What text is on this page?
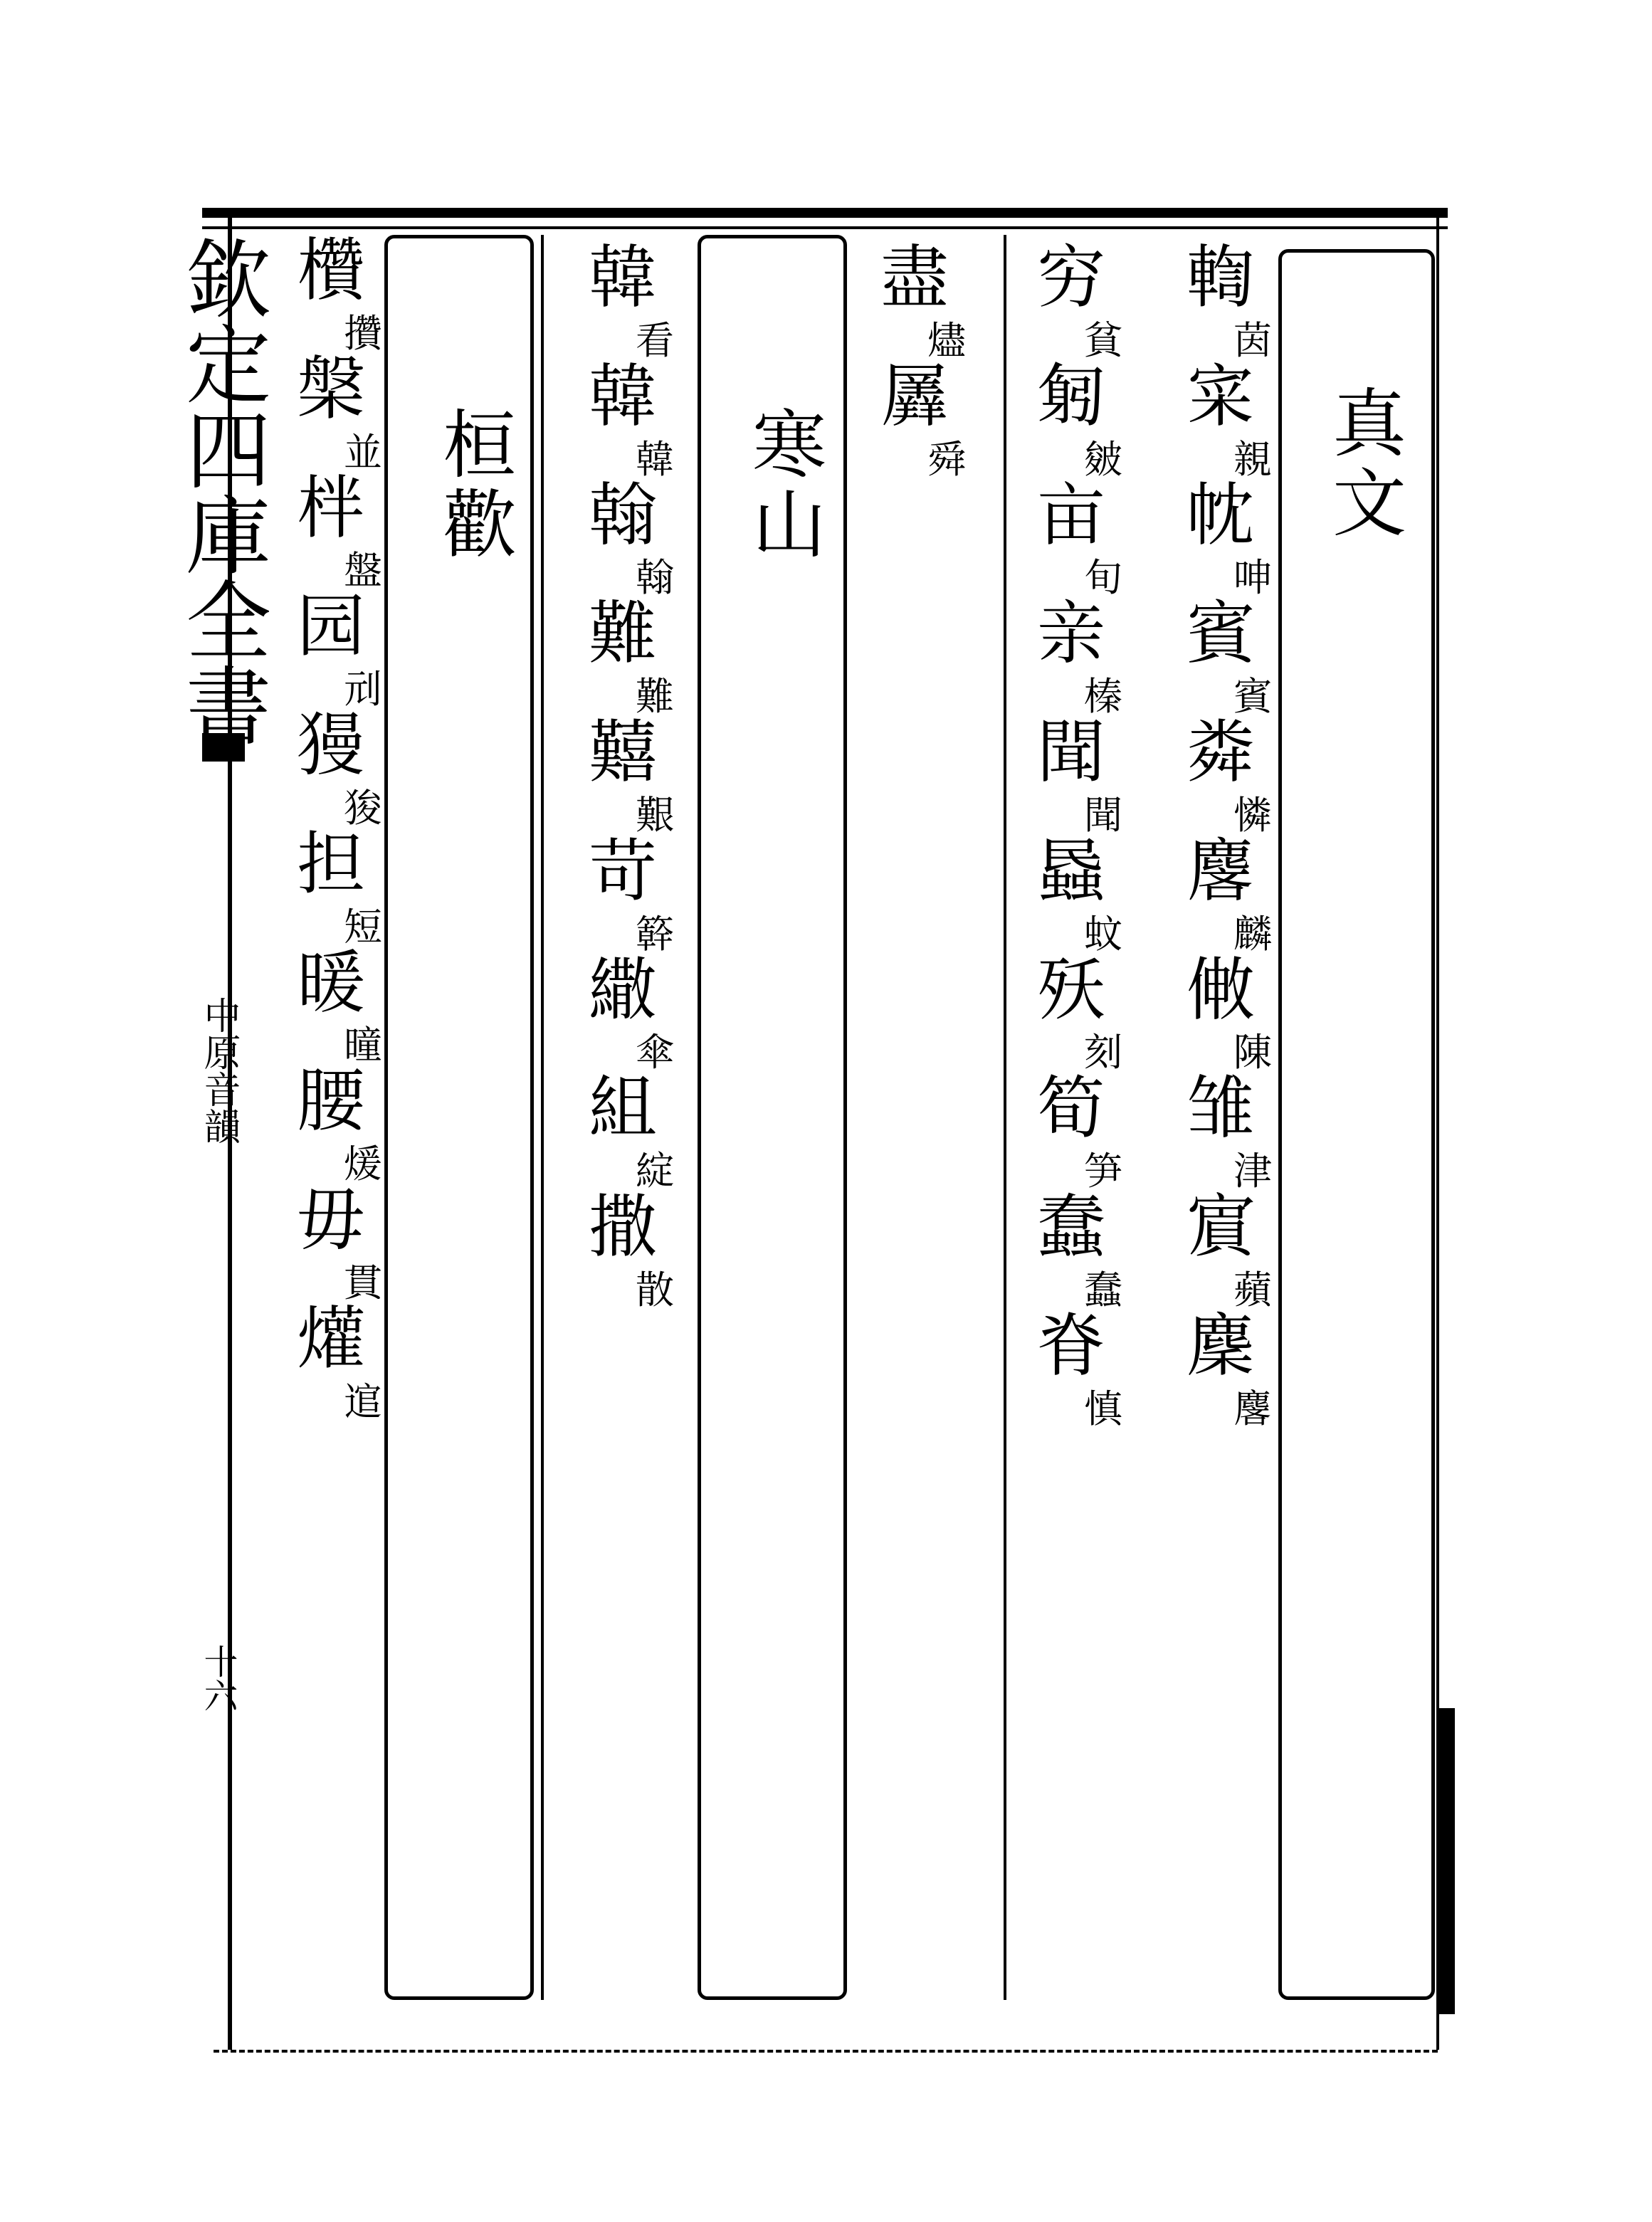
欽定四庫全書
中原音韻
十六
真文
寒山
桓歡
輷
茵
寀
親
帎
呻
賓
賓
粦
憐
麐
麟
敒
陳
雏
津
賔
蘋
麇
麐
穷
貧
匑
皴
亩
旬
亲
榛
聞
聞
蟁
蚊
殀
刻
筍
笋
蠢
蠢
脊
慎
盡
燼
羼
舜
韓
看
韓
韓
翰
翰
難
難
囏
艱
苛
簳
繖
傘
組
綻
撒
散
欑
攢
槃
並
柈
盤
园
刓
獌
狻
担
短
暖
曈
腰
煖
毋
貫
爟
逭
